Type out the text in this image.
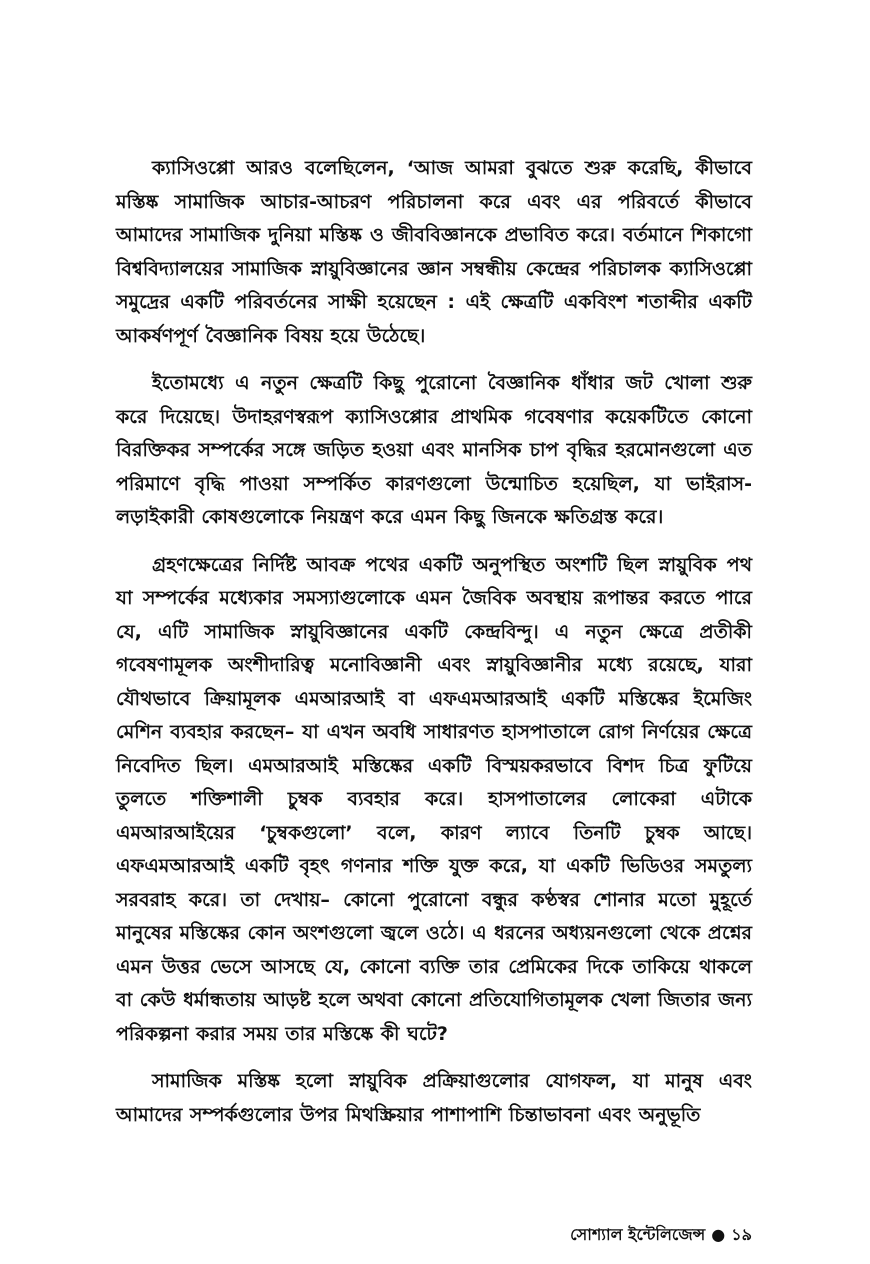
ক্যাসিওপ্পো আরও বলেছিলেন, ‘আজ আমরা বুঝতে শুরু করেছি, কীভাবে মস্তিষ্ক সামাজিক আচার-আচরণ পরিচালনা করে এবং এর পরিবর্তে কীভাবে আমাদের সামাজিক দুনিয়া মস্তিষ্ক ও জীববিজ্ঞানকে প্রভাবিত করে। বর্তমানে শিকাগো বিশ্ববিদ্যালয়ের সামাজিক স্নায়ুবিজ্ঞানের জ্ঞান সম্বন্ধীয় কেন্দ্রের পরিচালক ক্যাসিওপ্পো সমুদ্রের একটি পরিবর্তনের সাক্ষী হয়েছেন : এই ক্ষেত্রটি একবিংশ শতাব্দীর একটি আকর্ষণপূর্ণ বৈজ্ঞানিক বিষয় হয়ে উঠেছে।

ইতোমধ্যে এ নতুন ক্ষেত্রটি কিছু পুরোনো বৈজ্ঞানিক ধাঁধার জট খোলা শুরু করে দিয়েছে। উদাহরণস্বরূপ ক্যাসিওপ্পোর প্রাথমিক গবেষণার কয়েকটিতে কোনো বিরক্তিকর সম্পর্কের সঙ্গে জড়িত হওয়া এবং মানসিক চাপ বৃদ্ধির হরমোনগুলো এত পরিমাণে বৃদ্ধি পাওয়া সম্পর্কিত কারণগুলো উন্মোচিত হয়েছিল, যা ভাইরাস-লড়াইকারী কোষগুলোকে নিয়ন্ত্রণ করে এমন কিছু জিনকে ক্ষতিগ্রস্ত করে।

গ্রহণক্ষেত্রের নির্দিষ্ট আবক্র পথের একটি অনুপস্থিত অংশটি ছিল স্নায়ুবিক পথ যা সম্পর্কের মধ্যেকার সমস্যাগুলোকে এমন জৈবিক অবস্থায় রূপান্তর করতে পারে যে, এটি সামাজিক স্নায়ুবিজ্ঞানের একটি কেন্দ্রবিন্দু। এ নতুন ক্ষেত্রে প্রতীকী গবেষণামূলক অংশীদারিত্ব মনোবিজ্ঞানী এবং স্নায়ুবিজ্ঞানীর মধ্যে রয়েছে, যারা যৌথভাবে ক্রিয়ামূলক এমআরআই বা এফএমআরআই একটি মস্তিষ্কের ইমেজিং মেশিন ব্যবহার করছেন– যা এখন অবধি সাধারণত হাসপাতালে রোগ নির্ণয়ের ক্ষেত্রে নিবেদিত ছিল। এমআরআই মস্তিষ্কের একটি বিস্ময়করভাবে বিশদ চিত্র ফুটিয়ে তুলতে শক্তিশালী চুম্বক ব্যবহার করে। হাসপাতালের লোকেরা এটাকে এমআরআইয়ের ‘চুম্বকগুলো’ বলে, কারণ ল্যাবে তিনটি চুম্বক আছে। এফএমআরআই একটি বৃহৎ গণনার শক্তি যুক্ত করে, যা একটি ভিডিওর সমতুল্য সরবরাহ করে। তা দেখায়– কোনো পুরোনো বন্ধুর কণ্ঠস্বর শোনার মতো মুহূর্তে মানুষের মস্তিষ্কের কোন অংশগুলো জ্বলে ওঠে। এ ধরনের অধ্যয়নগুলো থেকে প্রশ্নের এমন উত্তর ভেসে আসছে যে, কোনো ব্যক্তি তার প্রেমিকের দিকে তাকিয়ে থাকলে বা কেউ ধর্মান্ধতায় আড়ষ্ট হলে অথবা কোনো প্রতিযোগিতামূলক খেলা জিতার জন্য পরিকল্পনা করার সময় তার মস্তিষ্কে কী ঘটে?

সামাজিক মস্তিষ্ক হলো স্নায়ুবিক প্রক্রিয়াগুলোর যোগফল, যা মানুষ এবং আমাদের সম্পর্কগুলোর উপর মিথস্ক্রিয়ার পাশাপাশি চিন্তাভাবনা এবং অনুভূতি

সোশ্যাল ইন্টেলিজেন্স ● ১৯
